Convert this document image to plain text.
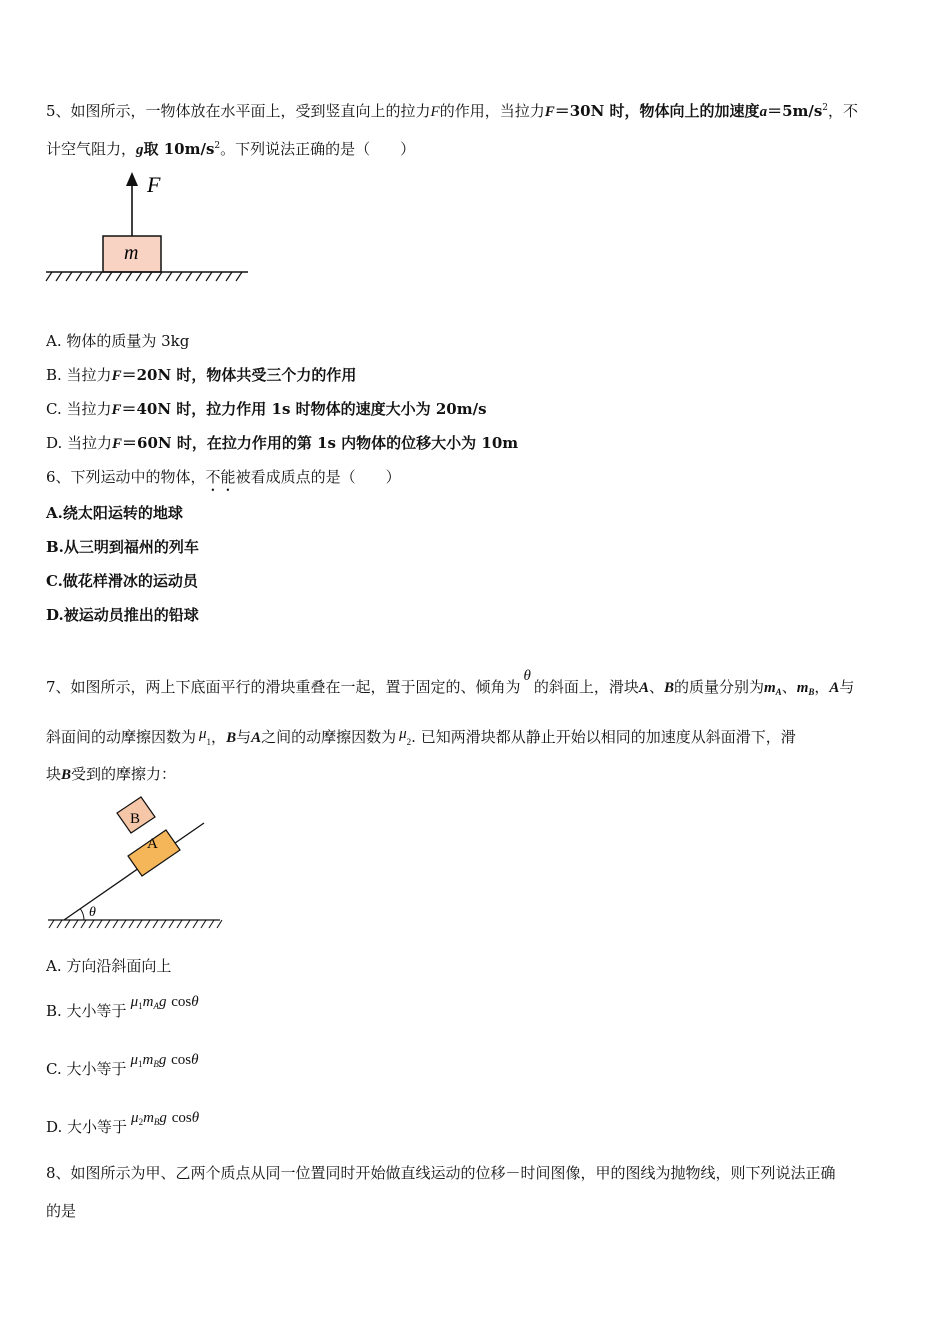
5、如图所示，一物体放在水平面上，受到竖直向上的拉力F的作用，当拉力F＝30N 时，物体向上的加速度$a=5m/s^2$，不
计空气阻力，g取 $10m/s^2$。下列说法正确的是（　　）
F
m
A. 物体的质量为 3kg
B. 当拉力F＝20N 时，物体共受三个力的作用
C. 当拉力F＝40N 时，拉力作用 1s 时物体的速度大小为 20m/s
D. 当拉力F＝60N 时，在拉力作用的第 1s 内物体的位移大小为 10m
6、下列运动中的物体，不能被看成质点的是（　　）
A.绕太阳运转的地球
B.从三明到福州的列车
C.做花样滑冰的运动员
D.被运动员推出的铅球
7、如图所示，两上下底面平行的滑块重叠在一起，置于固定的、倾角为θ的斜面上，滑块A、B的质量分别为$m_A$、$m_B$，A与
斜面间的动摩擦因数为 $\mu_1$，B与A之间的动摩擦因数为 $\mu_2$. 已知两滑块都从静止开始以相同的加速度从斜面滑下，滑
块B受到的摩擦力：
θ
A
B
A. 方向沿斜面向上
B. 大小等于 $\mu_1m_Ag$ cosθ
C. 大小等于 $\mu_1m_Bg$ cosθ
D. 大小等于 $\mu_2m_Bg$ cosθ
8、如图所示为甲、乙两个质点从同一位置同时开始做直线运动的位移－时间图像，甲的图线为抛物线，则下列说法正确
的是
